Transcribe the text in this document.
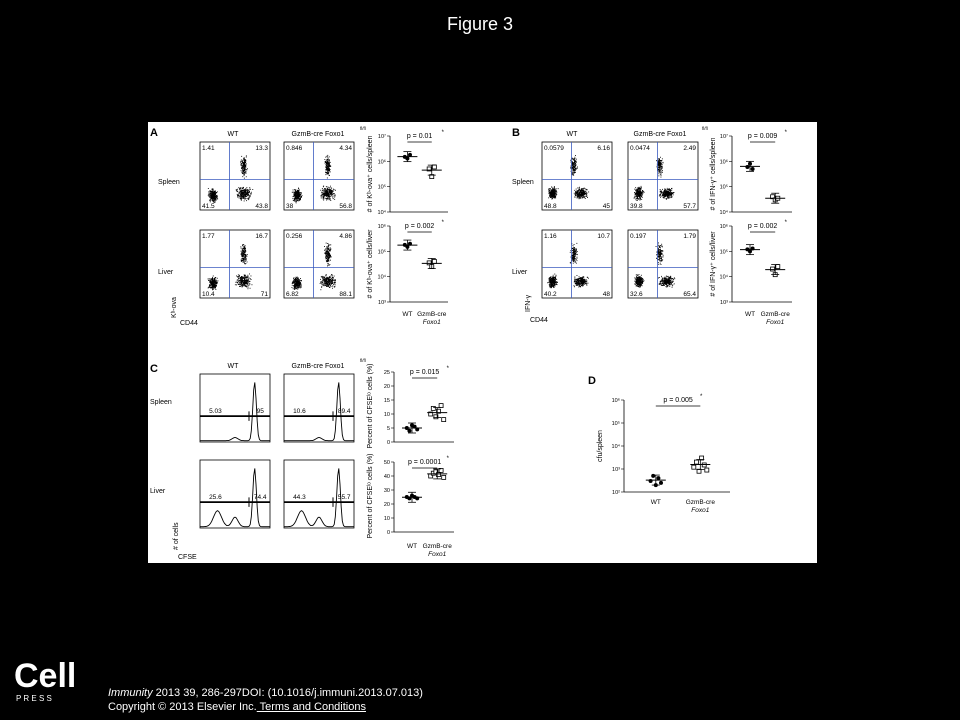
Figure 3
A	WT	GzmB-cre Foxo1
fl/fl
Spleen
Liver
1.41	13.3
41.5	43.8
0.846	4.34
38	56.8
1.77	16.7
10.4	71
0.256	4.86
6.82	88.1
Kᵇ-ova
CD44
10⁷
10⁶
10⁵
10⁴
p = 0.01 *
# of Kᵇ-ova⁺ cells/spleen
10⁶
10⁵
10⁴
10³
p = 0.002 *
# of Kᵇ-ova⁺ cells/liver
WT GzmB-cre
Foxo1
B	WT	GzmB-cre Foxo1
fl/fl
Spleen
Liver
0.0579	6.16
48.8	45
0.0474	2.49
39.8	57.7
1.16	10.7
40.2	48
0.197	1.79
32.6	65.4
IFN-γ
CD44
10⁷
10⁶
10⁵
10⁴
p = 0.009 *
# of IFN-γ⁺ cells/spleen
10⁶
10⁵
10⁴
10³
p = 0.002 *
# of IFN-γ⁺ cells/liver
WT GzmB-cre
Foxo1
C	WT	GzmB-cre Foxo1
fl/fl
Spleen
Liver
5.03	95	10.6	89.4
25.6	74.4	44.3	55.7
# of cells
CFSE
25
20
15
10
5
0
p = 0.015 *
Percent of CFSEˡᵒ cells (%)
50
40
30
20
10
0
p = 0.0001 *
Percent of CFSEˡᵒ cells (%)
WT GzmB-cre
Foxo1
D
10⁶
10⁵
10⁴
10³
10²
p = 0.005 *
cfu/spleen
WT	GzmB-cre
Foxo1
Cell
P R E S S	Immunity 2013 39, 286-297DOI: (10.1016/j.immuni.2013.07.013)
Copyright © 2013 Elsevier Inc. Terms and Conditions
